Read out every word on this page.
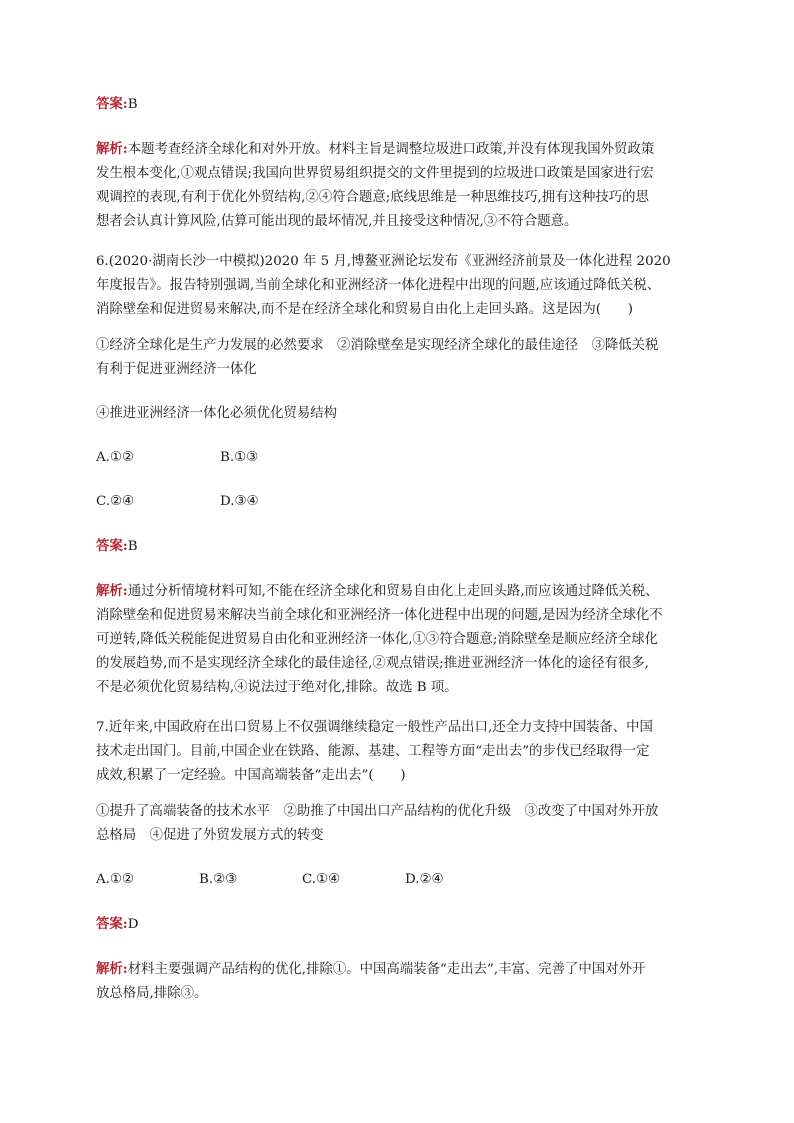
答案:B
解析:本题考查经济全球化和对外开放。材料主旨是调整垃圾进口政策,并没有体现我国外贸政策
发生根本变化,①观点错误;我国向世界贸易组织提交的文件里提到的垃圾进口政策是国家进行宏
观调控的表现,有利于优化外贸结构,②④符合题意;底线思维是一种思维技巧,拥有这种技巧的思
想者会认真计算风险,估算可能出现的最坏情况,并且接受这种情况,③不符合题意。
6.(2020·湖南长沙一中模拟)2020 年 5 月,博鳌亚洲论坛发布《亚洲经济前景及一体化进程 2020
年度报告》。报告特别强调,当前全球化和亚洲经济一体化进程中出现的问题,应该通过降低关税、
消除壁垒和促进贸易来解决,而不是在经济全球化和贸易自由化上走回头路。这是因为(　　)
①经济全球化是生产力发展的必然要求　②消除壁垒是实现经济全球化的最佳途径　③降低关税
有利于促进亚洲经济一体化
④推进亚洲经济一体化必须优化贸易结构
A.①②	B.①③
C.②④	D.③④
答案:B
解析:通过分析情境材料可知,不能在经济全球化和贸易自由化上走回头路,而应该通过降低关税、
消除壁垒和促进贸易来解决当前全球化和亚洲经济一体化进程中出现的问题,是因为经济全球化不
可逆转,降低关税能促进贸易自由化和亚洲经济一体化,①③符合题意;消除壁垒是顺应经济全球化
的发展趋势,而不是实现经济全球化的最佳途径,②观点错误;推进亚洲经济一体化的途径有很多,
不是必须优化贸易结构,④说法过于绝对化,排除。故选 B 项。
7.近年来,中国政府在出口贸易上不仅强调继续稳定一般性产品出口,还全力支持中国装备、中国
技术走出国门。目前,中国企业在铁路、能源、基建、工程等方面“走出去”的步伐已经取得一定
成效,积累了一定经验。中国高端装备“走出去”(　　)
①提升了高端装备的技术水平　②助推了中国出口产品结构的优化升级　③改变了中国对外开放
总格局　④促进了外贸发展方式的转变
A.①②	B.②③	C.①④	D.②④
答案:D
解析:材料主要强调产品结构的优化,排除①。中国高端装备“走出去”,丰富、完善了中国对外开
放总格局,排除③。
